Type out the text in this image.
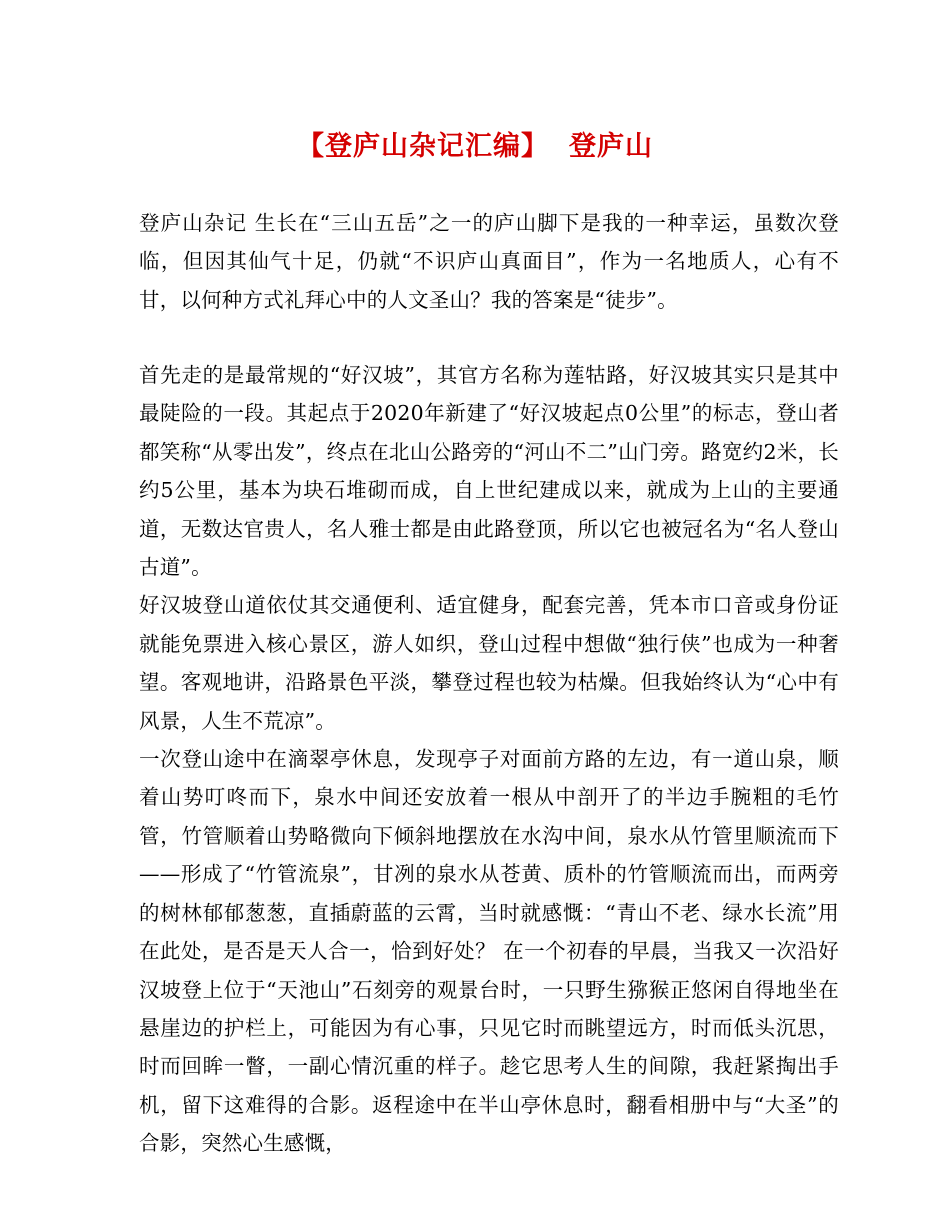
【登庐山杂记汇编】 登庐山

登庐山杂记 生长在“三山五岳”之一的庐山脚下是我的一种幸运，虽数次登临，但因其仙气十足，仍就“不识庐山真面目”，作为一名地质人，心有不甘，以何种方式礼拜心中的人文圣山？我的答案是“徒步”。

首先走的是最常规的“好汉坡”，其官方名称为莲牯路，好汉坡其实只是其中最陡险的一段。其起点于2020年新建了“好汉坡起点0公里”的标志，登山者都笑称“从零出发”，终点在北山公路旁的“河山不二”山门旁。路宽约2米，长约5公里，基本为块石堆砌而成，自上世纪建成以来，就成为上山的主要通道，无数达官贵人，名人雅士都是由此路登顶，所以它也被冠名为“名人登山古道”。

好汉坡登山道依仗其交通便利、适宜健身，配套完善，凭本市口音或身份证就能免票进入核心景区，游人如织，登山过程中想做“独行侠”也成为一种奢望。客观地讲，沿路景色平淡，攀登过程也较为枯燥。但我始终认为“心中有风景，人生不荒凉”。

一次登山途中在滴翠亭休息，发现亭子对面前方路的左边，有一道山泉，顺着山势叮咚而下，泉水中间还安放着一根从中剖开了的半边手腕粗的毛竹管，竹管顺着山势略微向下倾斜地摆放在水沟中间，泉水从竹管里顺流而下——形成了“竹管流泉”，甘冽的泉水从苍黄、质朴的竹管顺流而出，而两旁的树林郁郁葱葱，直插蔚蓝的云霄，当时就感慨：“青山不老、绿水长流”用在此处，是否是天人合一，恰到好处？ 在一个初春的早晨，当我又一次沿好汉坡登上位于“天池山”石刻旁的观景台时，一只野生猕猴正悠闲自得地坐在悬崖边的护栏上，可能因为有心事，只见它时而眺望远方，时而低头沉思，时而回眸一瞥，一副心情沉重的样子。趁它思考人生的间隙，我赶紧掏出手机，留下这难得的合影。返程途中在半山亭休息时，翻看相册中与“大圣”的合影，突然心生感慨，
